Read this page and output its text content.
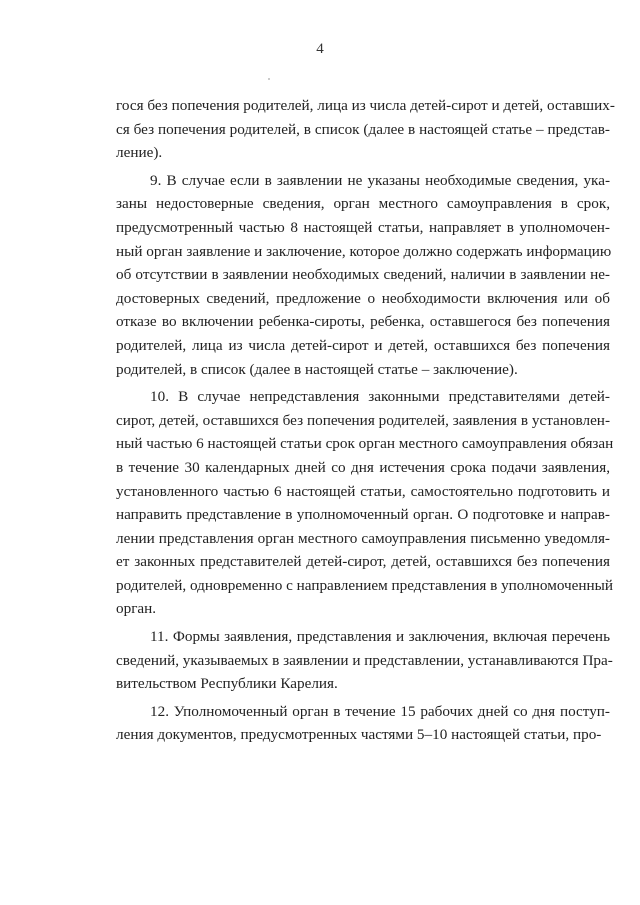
4
гося без попечения родителей, лица из числа детей-сирот и детей, оставших-
ся без попечения родителей, в список (далее в настоящей статье – представ-
ление).
9. В случае если в заявлении не указаны необходимые сведения, ука-
заны недостоверные сведения, орган местного самоуправления в срок,
предусмотренный частью 8 настоящей статьи, направляет в уполномочен-
ный орган заявление и заключение, которое должно содержать информацию
об отсутствии в заявлении необходимых сведений, наличии в заявлении не-
достоверных сведений, предложение о необходимости включения или об
отказе во включении ребенка-сироты, ребенка, оставшегося без попечения
родителей, лица из числа детей-сирот и детей, оставшихся без попечения
родителей, в список (далее в настоящей статье – заключение).
10. В случае непредставления законными представителями детей-
сирот, детей, оставшихся без попечения родителей, заявления в установлен-
ный частью 6 настоящей статьи срок орган местного самоуправления обязан
в течение 30 календарных дней со дня истечения срока подачи заявления,
установленного частью 6 настоящей статьи, самостоятельно подготовить и
направить представление в уполномоченный орган. О подготовке и направ-
лении представления орган местного самоуправления письменно уведомля-
ет законных представителей детей-сирот, детей, оставшихся без попечения
родителей, одновременно с направлением представления в уполномоченный
орган.
11. Формы заявления, представления и заключения, включая перечень
сведений, указываемых в заявлении и представлении, устанавливаются Пра-
вительством Республики Карелия.
12. Уполномоченный орган в течение 15 рабочих дней со дня поступ-
ления документов, предусмотренных частями 5–10 настоящей статьи, про-
